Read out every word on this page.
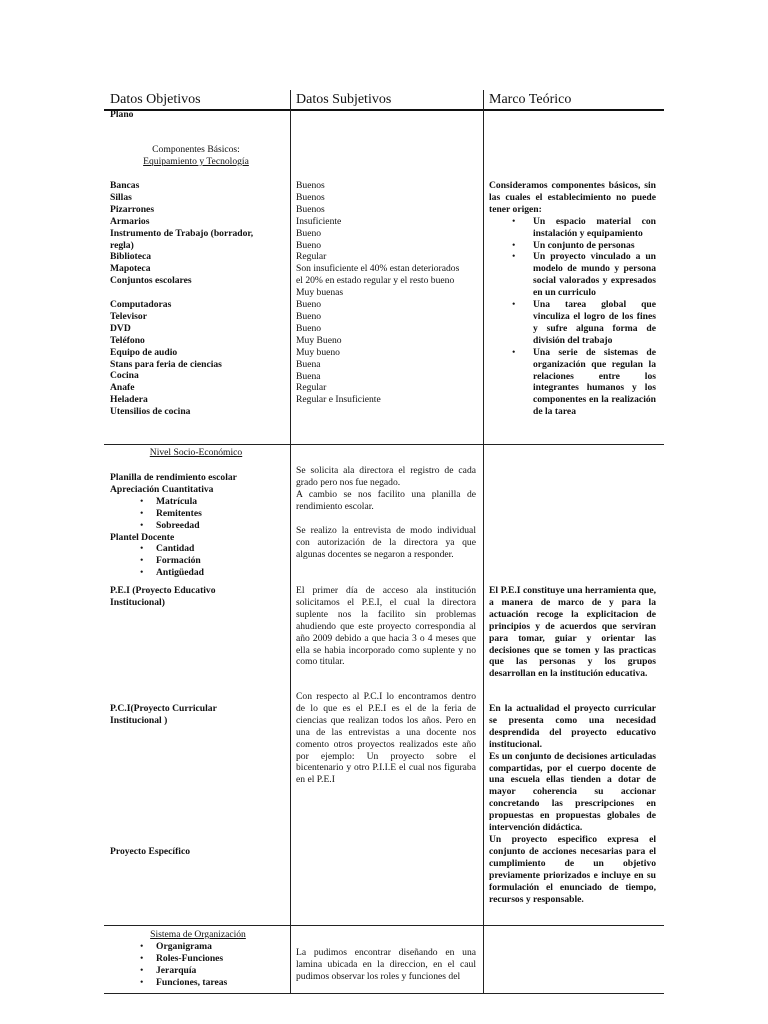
Datos Objetivos	Datos Subjetivos	Marco Teórico
Plano
Componentes Básicos:
Equipamiento y Tecnología
Bancas
Sillas
Pizarrones
Armarios
Instrumento de Trabajo (borrador,
regla)
Biblioteca
Mapoteca
Conjuntos escolares
Computadoras
Televisor
DVD
Teléfono
Equipo de audio
Stans para feria de ciencias
Cocina
Anafe
Heladera
Utensilios de cocina
Buenos
Buenos
Buenos
Insuficiente
Bueno
Bueno
Regular
Son insuficiente el 40% estan deteriorados
el 20% en estado regular y el resto bueno
Muy buenas
Bueno
Bueno
Bueno
Muy Bueno
Muy bueno
Buena
Buena
Regular
Regular e Insuficiente
Consideramos componentes básicos, sin las cuales el establecimiento no puede tener origen:
• Un espacio material con instalación y equipamiento
• Un conjunto de personas
• Un proyecto vinculado a un modelo de mundo y persona social valorados y expresados en un curriculo
• Una tarea global que vinculiza el logro de los fines y sufre alguna forma de división del trabajo
• Una serie de sistemas de organización que regulan la relaciones entre los integrantes humanos y los componentes en la realización de la tarea
Nivel Socio-Económico
Planilla de rendimiento escolar
Apreciación Cuantitativa
• Matrícula
• Remitentes
• Sobreedad
Plantel Docente
• Cantidad
• Formación
• Antigüedad
P.E.I (Proyecto Educativo Institucional)
P.C.I(Proyecto Curricular Institucional )
Proyecto Específico
Se solicita ala directora el registro de cada grado pero nos fue negado.
A cambio se nos facilito una planilla de rendimiento escolar.
Se realizo la entrevista de modo individual con autorización de la directora ya que algunas docentes se negaron a responder.
El primer día de acceso ala institución solicitamos el P.E.I, el cual la directora suplente nos la facilito sin problemas ahudiendo que este proyecto correspondia al año 2009 debido a que hacia 3 o 4 meses que ella se habia incorporado como suplente y no como titular.
Con respecto al P.C.I lo encontramos dentro de lo que es el P.E.I es el de la feria de ciencias que realizan todos los años. Pero en una de las entrevistas a una docente nos comento otros proyectos realizados este año por ejemplo: Un proyecto sobre el bicentenario y otro P.I.I.E el cual nos figuraba en el P.E.I
El P.E.I constituye una herramienta que, a manera de marco de y para la actuación recoge la explicitacion de principios y de acuerdos que serviran para tomar, guiar y orientar las decisiones que se tomen y las practicas que las personas y los grupos desarrollan en la institución educativa.
En la actualidad el proyecto curricular se presenta como una necesidad desprendida del proyecto educativo institucional.
Es un conjunto de decisiones articuladas compartidas, por el cuerpo docente de una escuela ellas tienden a dotar de mayor coherencia su accionar concretando las prescripciones en propuestas en propuestas globales de intervención didáctica.
Un proyecto especifico expresa el conjunto de acciones necesarias para el cumplimiento de un objetivo previamente priorizados e incluye en su formulación el enunciado de tiempo, recursos y responsable.
Sistema de Organización
• Organigrama
• Roles-Funciones
• Jerarquía
• Funciones, tareas
La pudimos encontrar diseñando en una lamina ubicada en la direccion, en el caul pudimos observar los roles y funciones del
